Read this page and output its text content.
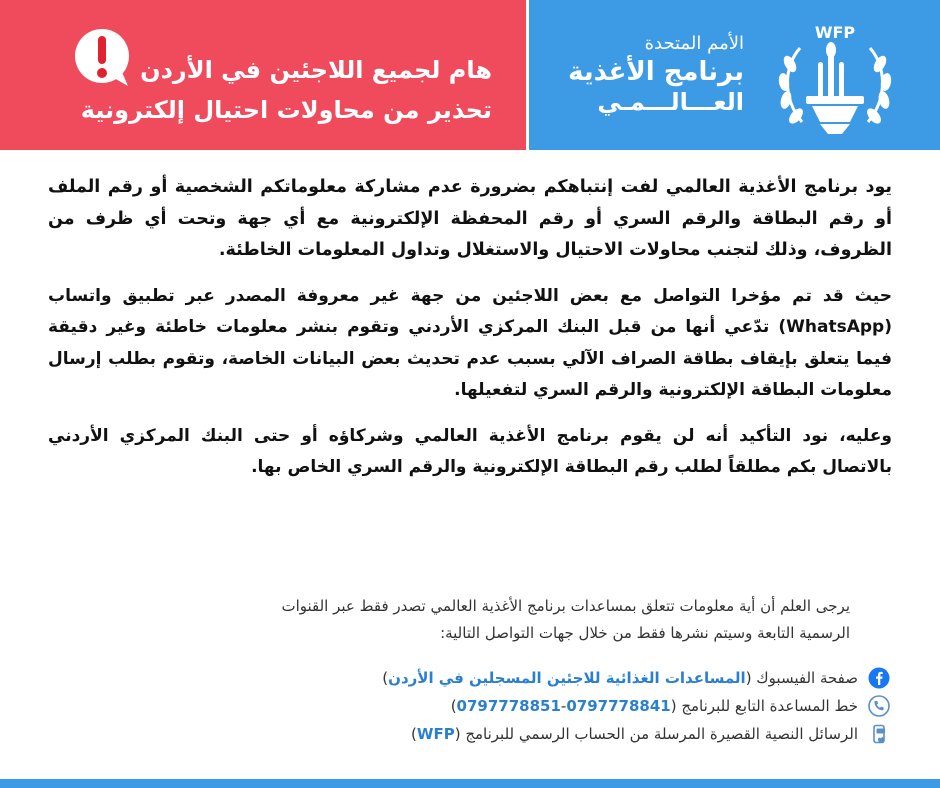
هام لجميع اللاجئين في الأردن
تحذير من محاولات احتيال إلكترونية
الأمم المتحدة
برنامج الأغذية
العـــالـــمـي
WFP

يود برنامج الأغذية العالمي لفت إنتباهكم بضرورة عدم مشاركة معلوماتكم الشخصية أو رقم الملف أو رقم البطاقة والرقم السري أو رقم المحفظة الإلكترونية مع أي جهة وتحت أي ظرف من الظروف، وذلك لتجنب محاولات الاحتيال والاستغلال وتداول المعلومات الخاطئة.

حيث قد تم مؤخرا التواصل مع بعض اللاجئين من جهة غير معروفة المصدر عبر تطبيق واتساب (WhatsApp) تدّعي أنها من قبل البنك المركزي الأردني وتقوم بنشر معلومات خاطئة وغير دقيقة فيما يتعلق بإيقاف بطاقة الصراف الآلي بسبب عدم تحديث بعض البيانات الخاصة، وتقوم بطلب إرسال معلومات البطاقة الإلكترونية والرقم السري لتفعيلها.

وعليه، نود التأكيد أنه لن يقوم برنامج الأغذية العالمي وشركاؤه أو حتى البنك المركزي الأردني بالاتصال بكم مطلقاً لطلب رقم البطاقة الإلكترونية والرقم السري الخاص بها.

يرجى العلم أن أية معلومات تتعلق بمساعدات برنامج الأغذية العالمي تصدر فقط عبر القنوات
الرسمية التابعة وسيتم نشرها فقط من خلال جهات التواصل التالية:
صفحة الفيسبوك (
المساعدات الغذائية للاجئين المسجلين في الأردن
)
خط المساعدة التابع للبرنامج (
0797778841
-
0797778851
)
الرسائل النصية القصيرة المرسلة من الحساب الرسمي للبرنامج (
WFP
)
